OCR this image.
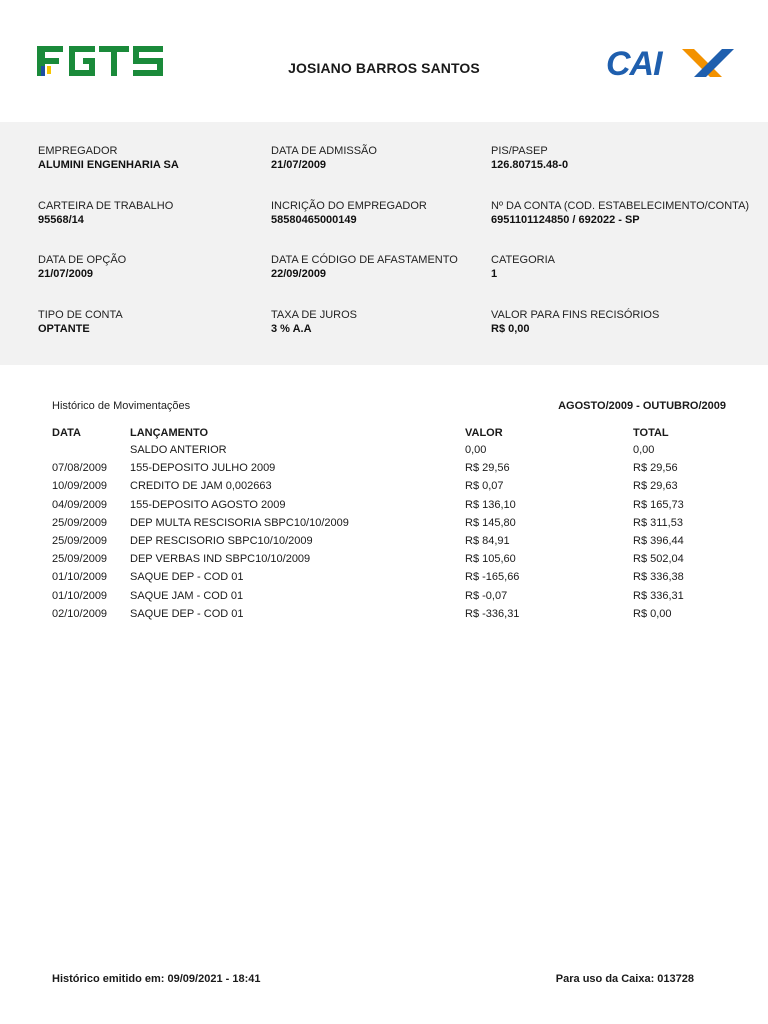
JOSIANO BARROS SANTOS	CAI
EMPREGADOR
ALUMINI ENGENHARIA SA
DATA DE ADMISSÃO
21/07/2009
PIS/PASEP
126.80715.48-0
CARTEIRA DE TRABALHO
95568/14
INCRIÇÃO DO EMPREGADOR
58580465000149
Nº DA CONTA (COD. ESTABELECIMENTO/CONTA)
6951101124850 / 692022 - SP
DATA DE OPÇÃO
21/07/2009
DATA E CÓDIGO DE AFASTAMENTO
22/09/2009
CATEGORIA
1
TIPO DE CONTA
OPTANTE
TAXA DE JUROS
3 % A.A
VALOR PARA FINS RECISÓRIOS
R$ 0,00
Histórico de Movimentações	AGOSTO/2009 - OUTUBRO/2009
DATA	LANÇAMENTO	VALOR	TOTAL
SALDO ANTERIOR	0,00	0,00
07/08/2009 155-DEPOSITO JULHO 2009	R$ 29,56	R$ 29,56
10/09/2009 CREDITO DE JAM 0,002663	R$ 0,07	R$ 29,63
04/09/2009 155-DEPOSITO AGOSTO 2009	R$ 136,10	R$ 165,73
25/09/2009 DEP MULTA RESCISORIA SBPC10/10/2009	R$ 145,80	R$ 311,53
25/09/2009 DEP RESCISORIO SBPC10/10/2009	R$ 84,91	R$ 396,44
25/09/2009 DEP VERBAS IND SBPC10/10/2009	R$ 105,60	R$ 502,04
01/10/2009 SAQUE DEP - COD 01	R$ -165,66	R$ 336,38
01/10/2009 SAQUE JAM - COD 01	R$ -0,07	R$ 336,31
02/10/2009 SAQUE DEP - COD 01	R$ -336,31	R$ 0,00
Histórico emitido em: 09/09/2021 - 18:41	Para uso da Caixa: 013728
